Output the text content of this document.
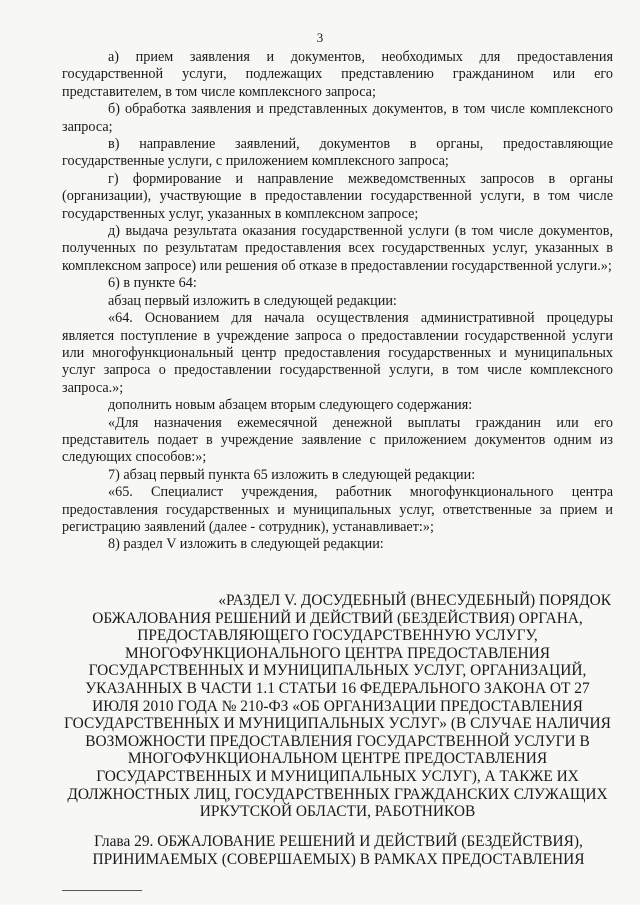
3

а) прием заявления и документов, необходимых для предоставления государственной услуги, подлежащих представлению гражданином или его представителем, в том числе комплексного запроса;

б) обработка заявления и представленных документов, в том числе комплексного запроса;

в) направление заявлений, документов в органы, предоставляющие государственные услуги, с приложением комплексного запроса;

г) формирование и направление межведомственных запросов в органы (организации), участвующие в предоставлении государственной услуги, в том числе государственных услуг, указанных в комплексном запросе;

д) выдача результата оказания государственной услуги (в том числе документов, полученных по результатам предоставления всех государственных услуг, указанных в комплексном запросе) или решения об отказе в предоставлении государственной услуги.»;

6) в пункте 64:

абзац первый изложить в следующей редакции:

«64. Основанием для начала осуществления административной процедуры является поступление в учреждение запроса о предоставлении государственной услуги или многофункциональный центр предоставления государственных и муниципальных услуг запроса о предоставлении государственной услуги, в том числе комплексного запроса.»;

дополнить новым абзацем вторым следующего содержания:

«Для назначения ежемесячной денежной выплаты гражданин или его представитель подает в учреждение заявление с приложением документов одним из следующих способов:»;

7) абзац первый пункта 65 изложить в следующей редакции:

«65. Специалист учреждения, работник многофункционального центра предоставления государственных и муниципальных услуг, ответственные за прием и регистрацию заявлений (далее - сотрудник), устанавливает:»;

8) раздел V изложить в следующей редакции:

«РАЗДЕЛ V. ДОСУДЕБНЫЙ (ВНЕСУДЕБНЫЙ) ПОРЯДОК
ОБЖАЛОВАНИЯ РЕШЕНИЙ И ДЕЙСТВИЙ (БЕЗДЕЙСТВИЯ) ОРГАНА, ПРЕДОСТАВЛЯЮЩЕГО ГОСУДАРСТВЕННУЮ УСЛУГУ, МНОГОФУНКЦИОНАЛЬНОГО ЦЕНТРА ПРЕДОСТАВЛЕНИЯ ГОСУДАРСТВЕННЫХ И МУНИЦИПАЛЬНЫХ УСЛУГ, ОРГАНИЗАЦИЙ, УКАЗАННЫХ В ЧАСТИ 1.1 СТАТЬИ 16 ФЕДЕРАЛЬНОГО ЗАКОНА ОТ 27 ИЮЛЯ 2010 ГОДА № 210-ФЗ «ОБ ОРГАНИЗАЦИИ ПРЕДОСТАВЛЕНИЯ ГОСУДАРСТВЕННЫХ И МУНИЦИПАЛЬНЫХ УСЛУГ» (В СЛУЧАЕ НАЛИЧИЯ ВОЗМОЖНОСТИ ПРЕДОСТАВЛЕНИЯ ГОСУДАРСТВЕННОЙ УСЛУГИ В МНОГОФУНКЦИОНАЛЬНОМ ЦЕНТРЕ ПРЕДОСТАВЛЕНИЯ ГОСУДАРСТВЕННЫХ И МУНИЦИПАЛЬНЫХ УСЛУГ), А ТАКЖЕ ИХ ДОЛЖНОСТНЫХ ЛИЦ, ГОСУДАРСТВЕННЫХ ГРАЖДАНСКИХ СЛУЖАЩИХ ИРКУТСКОЙ ОБЛАСТИ, РАБОТНИКОВ
Глава 29. ОБЖАЛОВАНИЕ РЕШЕНИЙ И ДЕЙСТВИЙ (БЕЗДЕЙСТВИЯ), ПРИНИМАЕМЫХ (СОВЕРШАЕМЫХ) В РАМКАХ ПРЕДОСТАВЛЕНИЯ
